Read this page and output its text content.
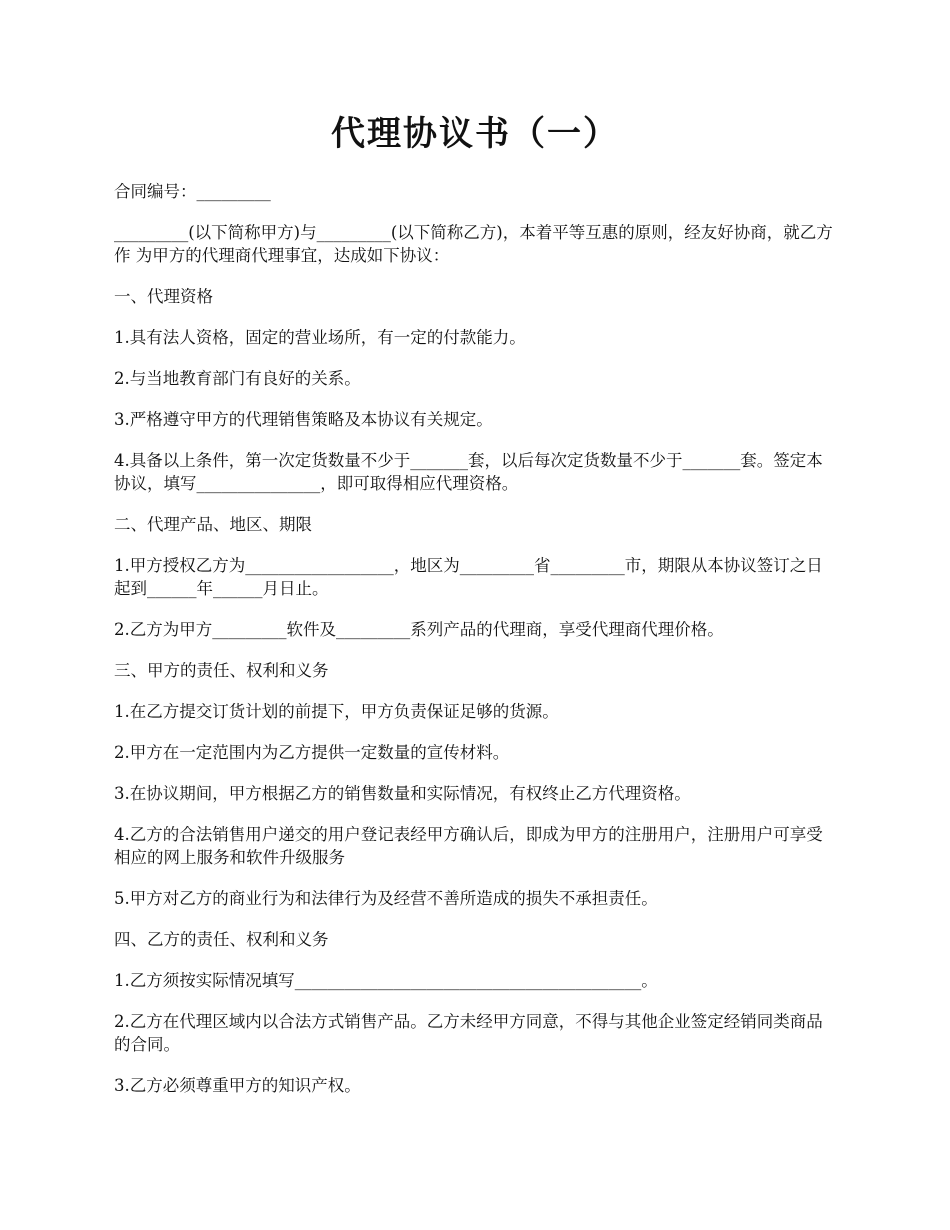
代理协议书（一）

合同编号：_________

_________(以下简称甲方)与_________(以下简称乙方)，本着平等互惠的原则，经友好协商，就乙方作 为甲方的代理商代理事宜，达成如下协议：

一、代理资格

1.具有法人资格，固定的营业场所，有一定的付款能力。

2.与当地教育部门有良好的关系。

3.严格遵守甲方的代理销售策略及本协议有关规定。

4.具备以上条件，第一次定货数量不少于_______套，以后每次定货数量不少于_______套。签定本协议，填写_______________，即可取得相应代理资格。

二、代理产品、地区、期限

1.甲方授权乙方为__________________，地区为_________省_________市，期限从本协议签订之日起到______年______月日止。

2.乙方为甲方_________软件及_________系列产品的代理商，享受代理商代理价格。

三、甲方的责任、权利和义务

1.在乙方提交订货计划的前提下，甲方负责保证足够的货源。

2.甲方在一定范围内为乙方提供一定数量的宣传材料。

3.在协议期间，甲方根据乙方的销售数量和实际情况，有权终止乙方代理资格。

4.乙方的合法销售用户递交的用户登记表经甲方确认后，即成为甲方的注册用户，注册用户可享受相应的网上服务和软件升级服务

5.甲方对乙方的商业行为和法律行为及经营不善所造成的损失不承担责任。

四、乙方的责任、权利和义务

1.乙方须按实际情况填写__________________________________________。

2.乙方在代理区域内以合法方式销售产品。乙方未经甲方同意，不得与其他企业签定经销同类商品的合同。

3.乙方必须尊重甲方的知识产权。
